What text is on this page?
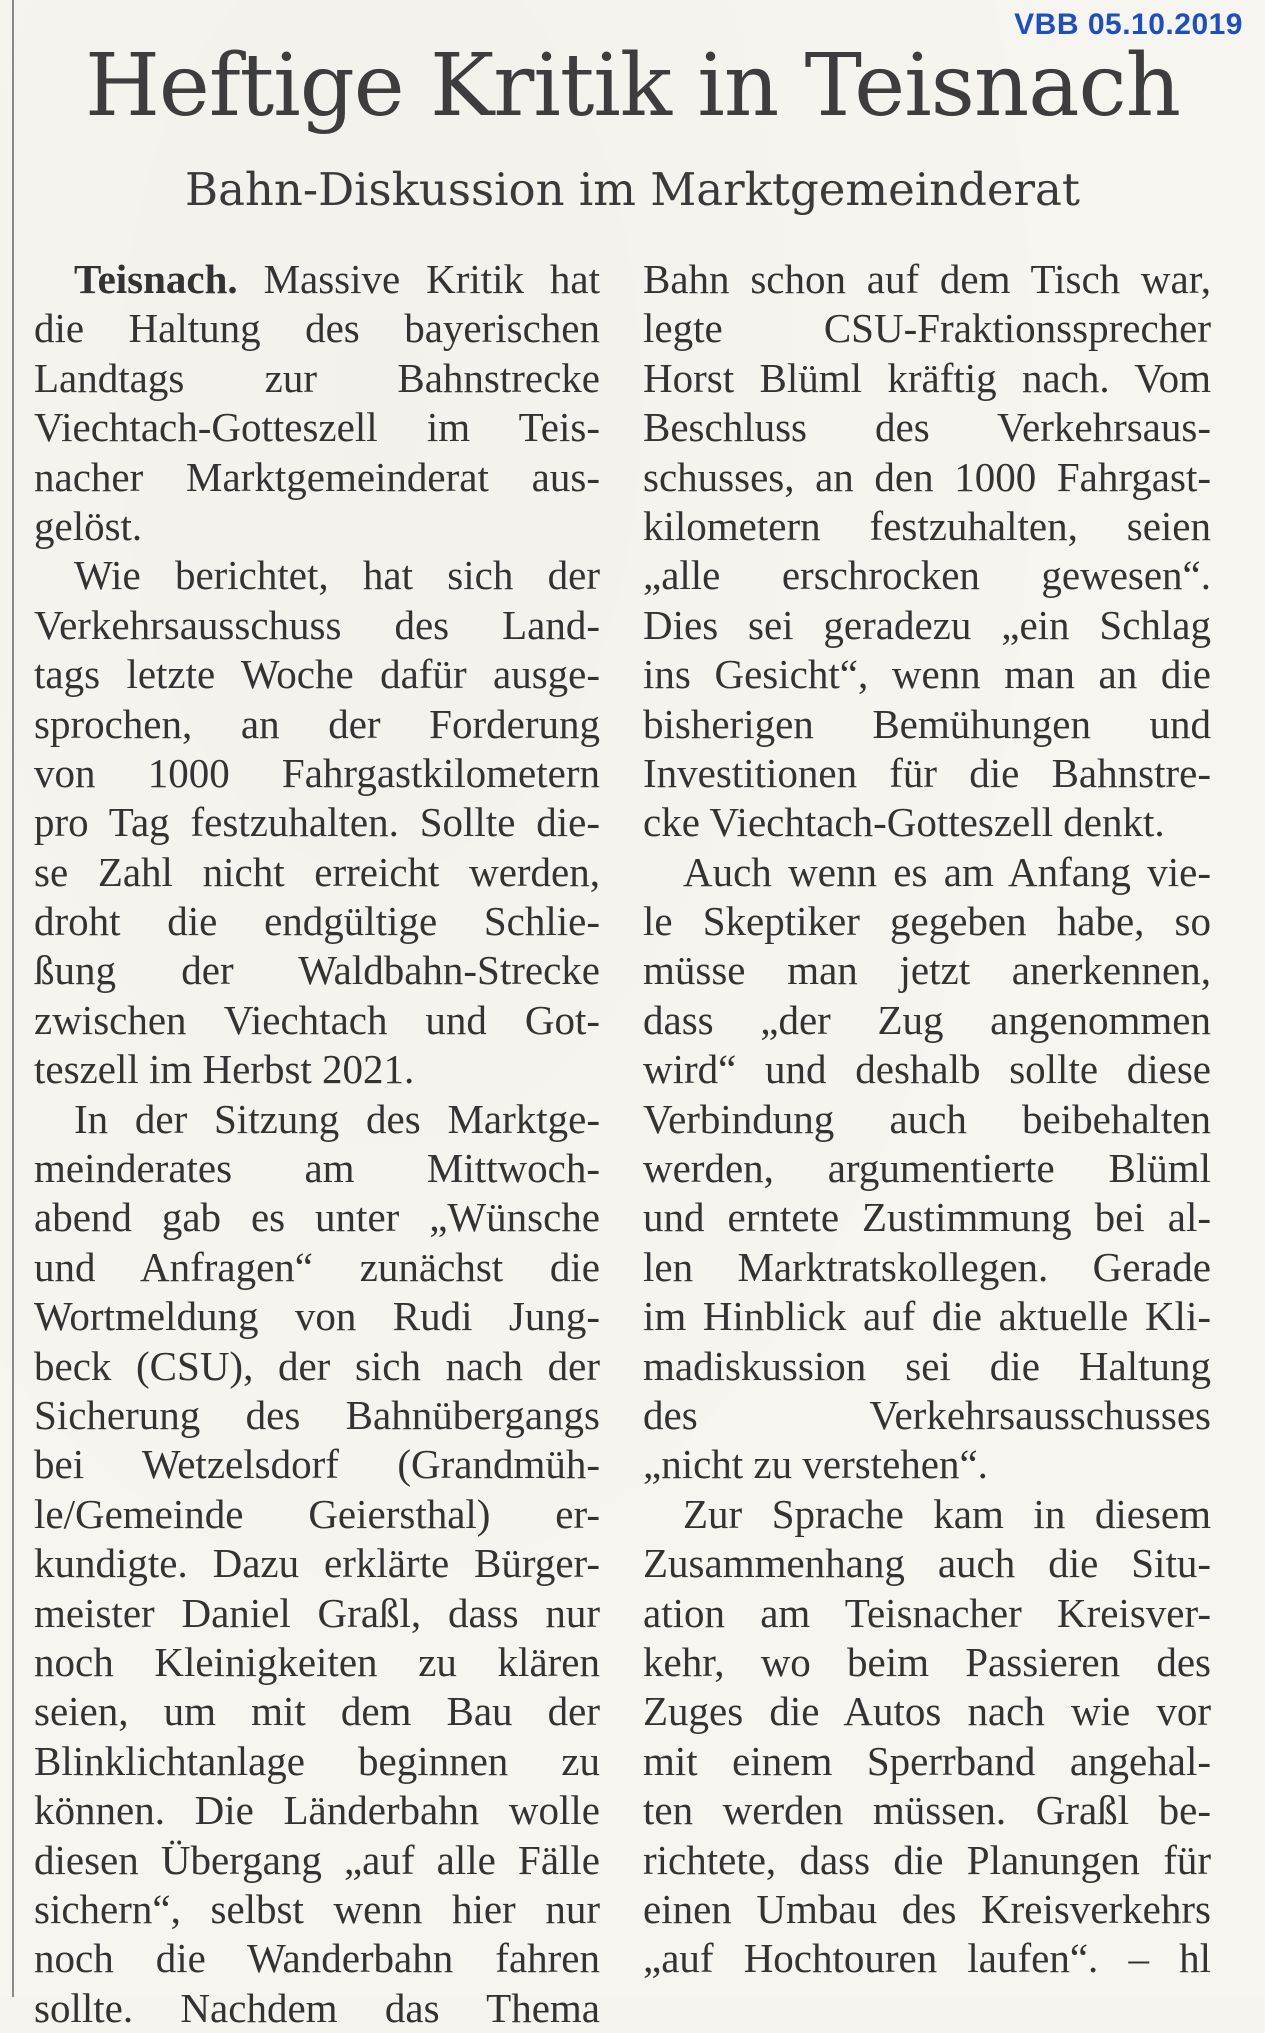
VBB 05.10.2019
Heftige Kritik in Teisnach
Bahn-Diskussion im Marktgemeinderat
Teisnach. Massive Kritik hat
die Haltung des bayerischen
Landtags zur Bahnstrecke
Viechtach-Gotteszell im Teis-
nacher Marktgemeinderat aus-
gelöst.
Wie berichtet, hat sich der
Verkehrsausschuss des Land-
tags letzte Woche dafür ausge-
sprochen, an der Forderung
von 1000 Fahrgastkilometern
pro Tag festzuhalten. Sollte die-
se Zahl nicht erreicht werden,
droht die endgültige Schlie-
ßung der Waldbahn-Strecke
zwischen Viechtach und Got-
teszell im Herbst 2021.
In der Sitzung des Marktge-
meinderates am Mittwoch-
abend gab es unter „Wünsche
und Anfragen“ zunächst die
Wortmeldung von Rudi Jung-
beck (CSU), der sich nach der
Sicherung des Bahnübergangs
bei Wetzelsdorf (Grandmüh-
le/Gemeinde Geiersthal) er-
kundigte. Dazu erklärte Bürger-
meister Daniel Graßl, dass nur
noch Kleinigkeiten zu klären
seien, um mit dem Bau der
Blinklichtanlage beginnen zu
können. Die Länderbahn wolle
diesen Übergang „auf alle Fälle
sichern“, selbst wenn hier nur
noch die Wanderbahn fahren
sollte. Nachdem das Thema
Bahn schon auf dem Tisch war,
legte CSU-Fraktionssprecher
Horst Blüml kräftig nach. Vom
Beschluss des Verkehrsaus-
schusses, an den 1000 Fahrgast-
kilometern festzuhalten, seien
„alle erschrocken gewesen“.
Dies sei geradezu „ein Schlag
ins Gesicht“, wenn man an die
bisherigen Bemühungen und
Investitionen für die Bahnstre-
cke Viechtach-Gotteszell denkt.
Auch wenn es am Anfang vie-
le Skeptiker gegeben habe, so
müsse man jetzt anerkennen,
dass „der Zug angenommen
wird“ und deshalb sollte diese
Verbindung auch beibehalten
werden, argumentierte Blüml
und erntete Zustimmung bei al-
len Marktratskollegen. Gerade
im Hinblick auf die aktuelle Kli-
madiskussion sei die Haltung
des Verkehrsausschusses
„nicht zu verstehen“.
Zur Sprache kam in diesem
Zusammenhang auch die Situ-
ation am Teisnacher Kreisver-
kehr, wo beim Passieren des
Zuges die Autos nach wie vor
mit einem Sperrband angehal-
ten werden müssen. Graßl be-
richtete, dass die Planungen für
einen Umbau des Kreisverkehrs
„auf Hochtouren laufen“. – hl
